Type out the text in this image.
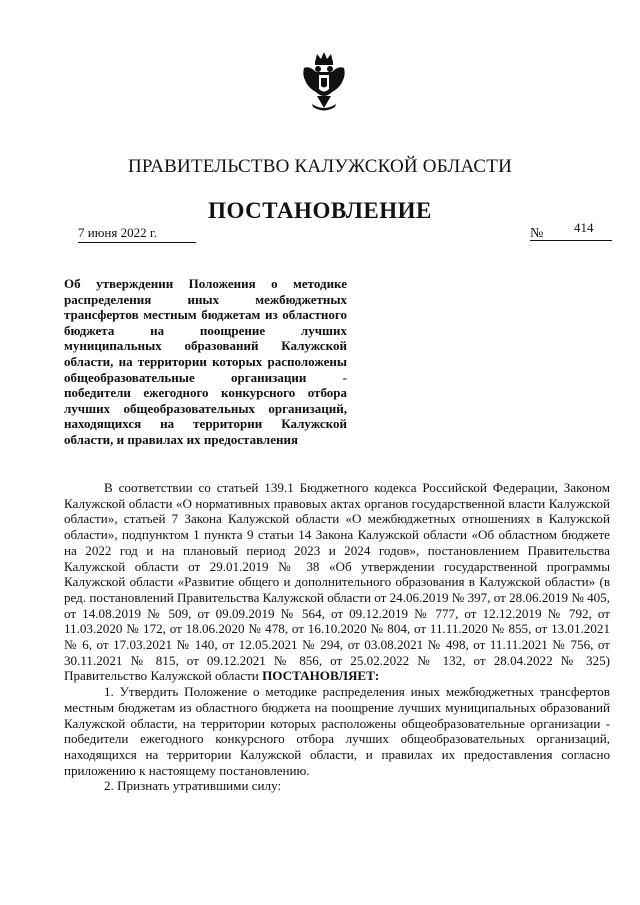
ПРАВИТЕЛЬСТВО КАЛУЖСКОЙ ОБЛАСТИ
ПОСТАНОВЛЕНИЕ
7 июня 2022 г.	№ 414
Об утверждении Положения о методике распределения иных межбюджетных трансфертов местным бюджетам из областного бюджета на поощрение лучших муниципальных образований Калужской области, на территории которых расположены общеобразовательные организации - победители ежегодного конкурсного отбора лучших общеобразовательных организаций, находящихся на территории Калужской области, и правилах их предоставления

В соответствии со статьей 139.1 Бюджетного кодекса Российской Федерации, Законом Калужской области «О нормативных правовых актах органов государственной власти Калужской области», статьей 7 Закона Калужской области «О межбюджетных отношениях в Калужской области», подпунктом 1 пункта 9 статьи 14 Закона Калужской области «Об областном бюджете на 2022 год и на плановый период 2023 и 2024 годов», постановлением Правительства Калужской области от 29.01.2019 № 38 «Об утверждении государственной программы Калужской области «Развитие общего и дополнительного образования в Калужской области» (в ред. постановлений Правительства Калужской области от 24.06.2019 № 397, от 28.06.2019 № 405, от 14.08.2019 № 509, от 09.09.2019 № 564, от 09.12.2019 № 777, от 12.12.2019 № 792, от 11.03.2020 № 172, от 18.06.2020 № 478, от 16.10.2020 № 804, от 11.11.2020 № 855, от 13.01.2021 № 6, от 17.03.2021 № 140, от 12.05.2021 № 294, от 03.08.2021 № 498, от 11.11.2021 № 756, от 30.11.2021 № 815, от 09.12.2021 № 856, от 25.02.2022 № 132, от 28.04.2022 № 325) Правительство Калужской области ПОСТАНОВЛЯЕТ:

1. Утвердить Положение о методике распределения иных межбюджетных трансфертов местным бюджетам из областного бюджета на поощрение лучших муниципальных образований Калужской области, на территории которых расположены общеобразовательные организации - победители ежегодного конкурсного отбора лучших общеобразовательных организаций, находящихся на территории Калужской области, и правилах их предоставления согласно приложению к настоящему постановлению.

2. Признать утратившими силу:
